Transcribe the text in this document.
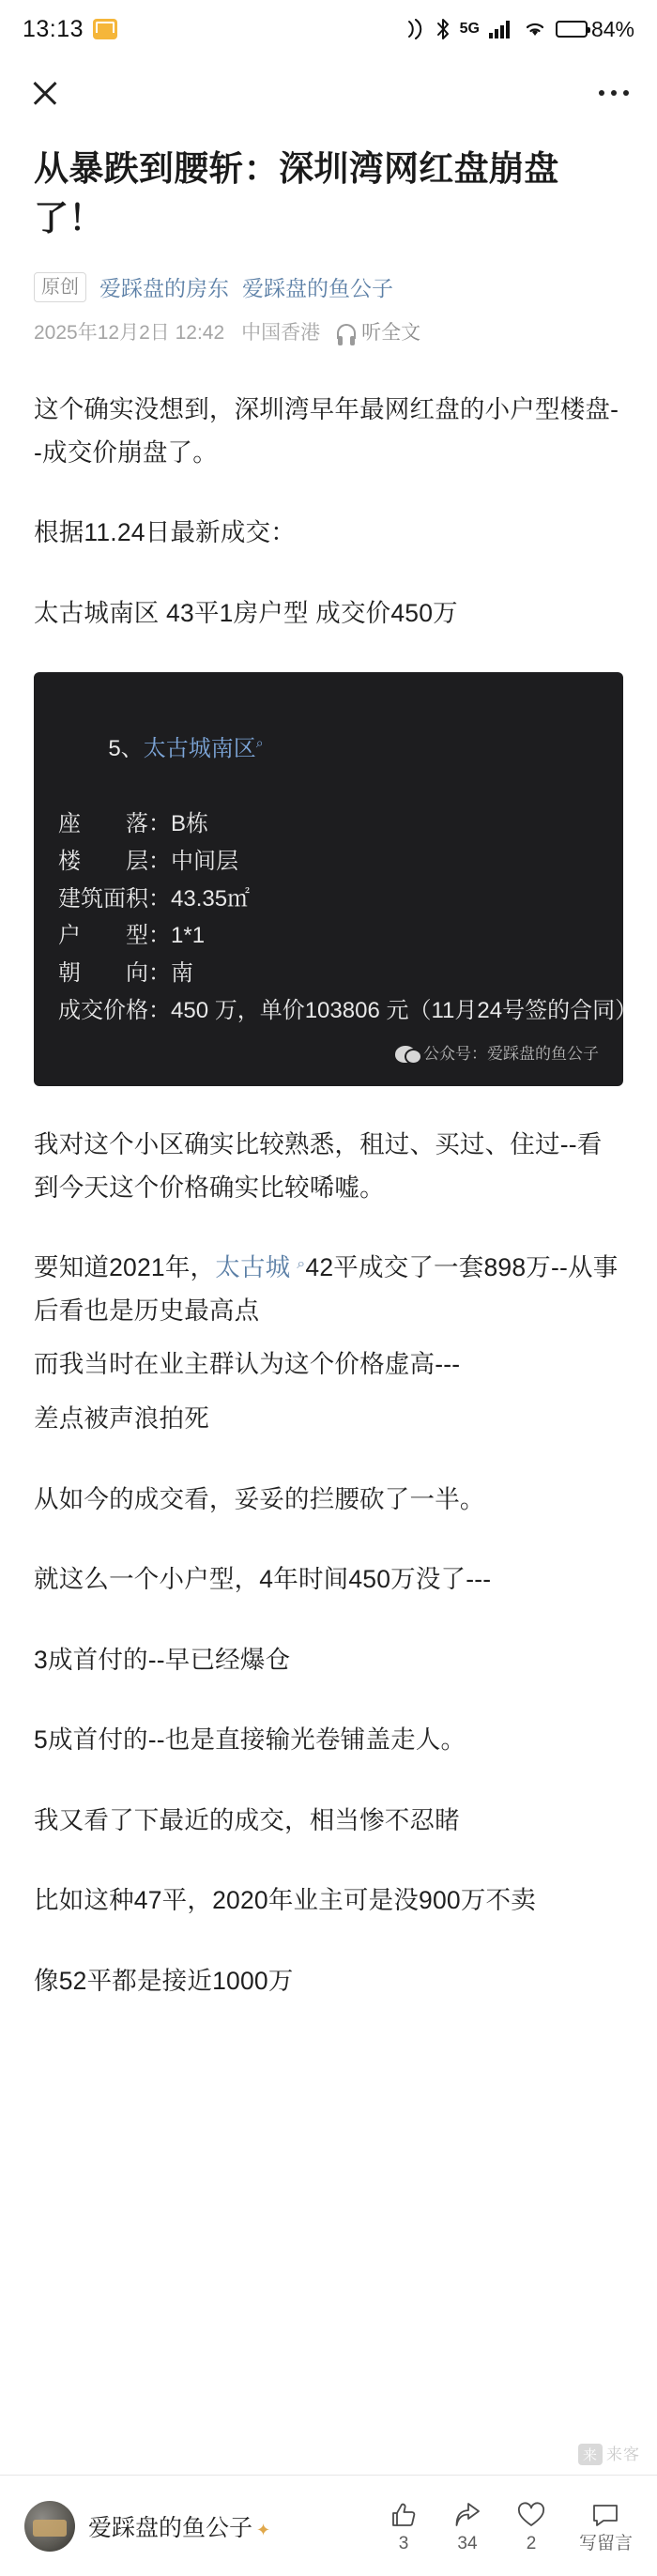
13:13	5G	84%
从暴跌到腰斩：深圳湾网红盘崩盘了！
原创 爱踩盘的房东 爱踩盘的鱼公子
2025年12月2日 12:42 中国香港 听全文

这个确实没想到，深圳湾早年最网红盘的小户型楼盘--成交价崩盘了。

根据11.24日最新成交：

太古城南区 43平1房户型 成交价450万

5、太古城南区⌕

座　　落：B栋
楼　　层：中间层
建筑面积：43.35㎡
户　　型：1*1
朝　　向：南
成交价格：450 万，单价103806 元（11月24号签的合同）
公众号：爱踩盘的鱼公子

我对这个小区确实比较熟悉，租过、买过、住过--看到今天这个价格确实比较唏嘘。

要知道2021年，太古城 ⌕ 42平成交了一套898万--从事后看也是历史最高点

而我当时在业主群认为这个价格虚高---

差点被声浪拍死

从如今的成交看，妥妥的拦腰砍了一半。

就这么一个小户型，4年时间450万没了---

3成首付的--早已经爆仓

5成首付的--也是直接输光卷铺盖走人。

我又看了下最近的成交，相当惨不忍睹

比如这种47平，2020年业主可是没900万不卖

像52平都是接近1000万

来 来客
爱踩盘的鱼公子 ✦
3	34	2 写留言
